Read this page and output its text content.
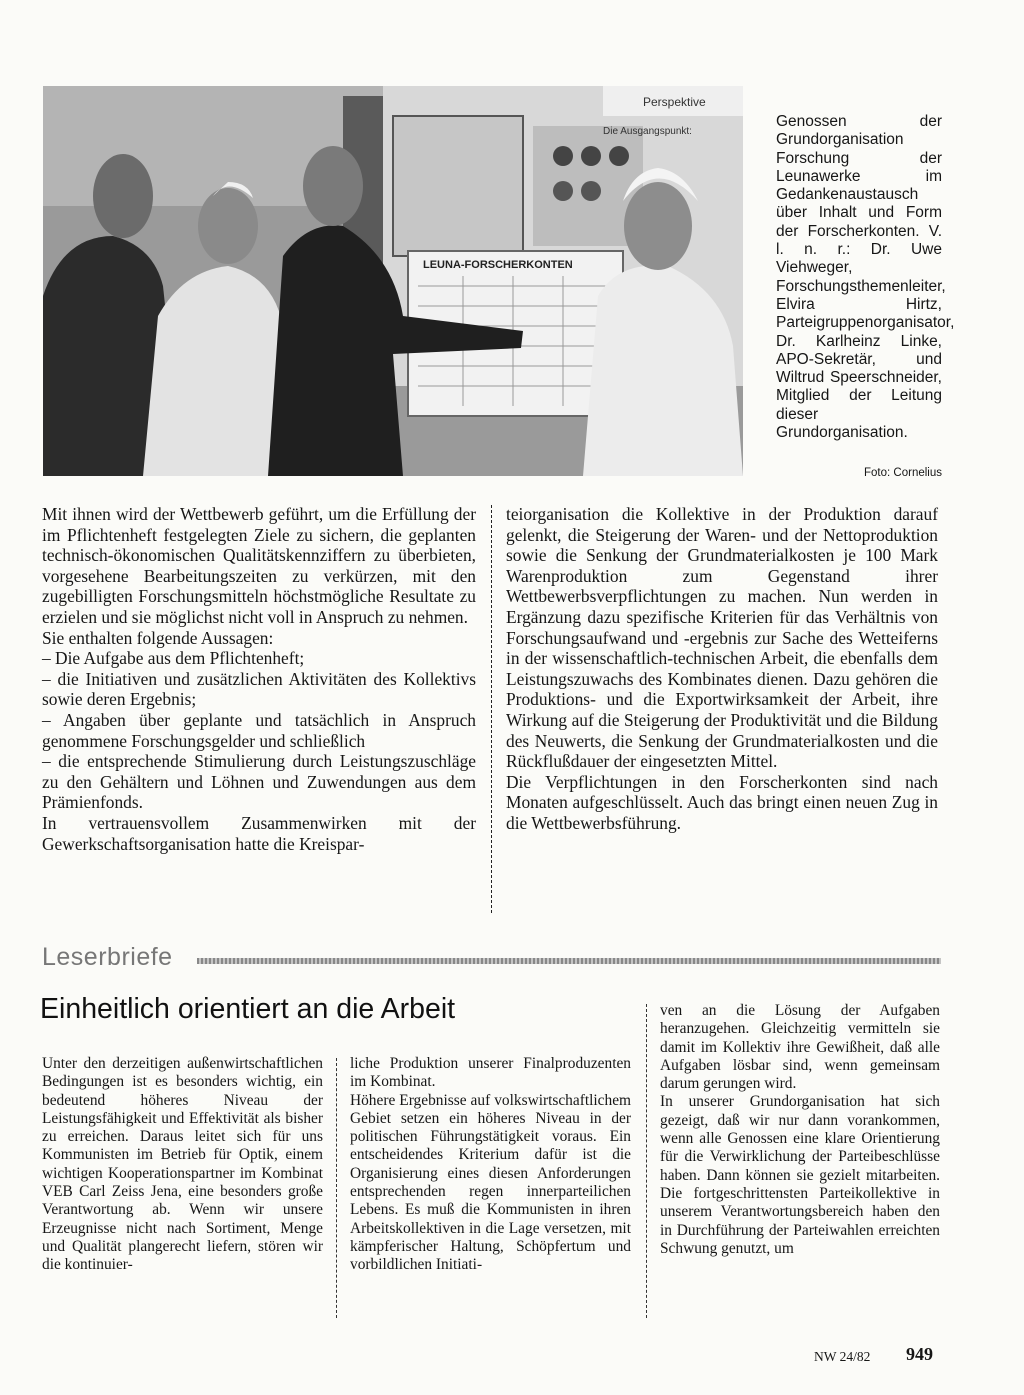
Perspektive
Die Ausgangspunkt:
LEUNA-FORSCHERKONTEN

Genossen der Grundorganisation Forschung der Leunawerke im Gedankenaustausch über Inhalt und Form der Forscherkonten. V. l. n. r.: Dr. Uwe Viehweger, Forschungsthemenleiter, Elvira Hirtz, Parteigruppenorganisator, Dr. Karlheinz Linke, APO-Sekretär, und Wiltrud Speerschneider, Mitglied der Leitung dieser Grundorganisation.

Foto: Cornelius

Mit ihnen wird der Wettbewerb geführt, um die Erfüllung der im Pflichtenheft festgelegten Ziele zu sichern, die geplanten technisch-ökonomischen Qualitätskennziffern zu überbieten, vorgesehene Bearbeitungszeiten zu verkürzen, mit den zugebilligten Forschungsmitteln höchstmögliche Resultate zu erzielen und sie möglichst nicht voll in Anspruch zu nehmen.

Sie enthalten folgende Aussagen:

– Die Aufgabe aus dem Pflichtenheft;

– die Initiativen und zusätzlichen Aktivitäten des Kollektivs sowie deren Ergebnis;

– Angaben über geplante und tatsächlich in Anspruch genommene Forschungsgelder und schließlich

– die entsprechende Stimulierung durch Leistungszuschläge zu den Gehältern und Löhnen und Zuwendungen aus dem Prämienfonds.

In vertrauensvollem Zusammenwirken mit der Gewerkschaftsorganisation hatte die Kreispar-

teiorganisation die Kollektive in der Produktion darauf gelenkt, die Steigerung der Waren- und der Nettoproduktion sowie die Senkung der Grundmaterialkosten je 100 Mark Warenproduktion zum Gegenstand ihrer Wettbewerbsverpflichtungen zu machen. Nun werden in Ergänzung dazu spezifische Kriterien für das Verhältnis von Forschungsaufwand und -ergebnis zur Sache des Wetteiferns in der wissenschaftlich-technischen Arbeit, die ebenfalls dem Leistungszuwachs des Kombinates dienen. Dazu gehören die Produktions- und die Exportwirksamkeit der Arbeit, ihre Wirkung auf die Steigerung der Produktivität und die Bildung des Neuwerts, die Senkung der Grundmaterialkosten und die Rückflußdauer der eingesetzten Mittel.

Die Verpflichtungen in den Forscherkonten sind nach Monaten aufgeschlüsselt. Auch das bringt einen neuen Zug in die Wettbewerbsführung.

Leserbriefe
Einheitlich orientiert an die Arbeit

Unter den derzeitigen außenwirtschaftlichen Bedingungen ist es besonders wichtig, ein bedeutend höheres Niveau der Leistungsfähigkeit und Effektivität als bisher zu erreichen. Daraus leitet sich für uns Kommunisten im Betrieb für Optik, einem wichtigen Kooperationspartner im Kombinat VEB Carl Zeiss Jena, eine besonders große Verantwortung ab. Wenn wir unsere Erzeugnisse nicht nach Sortiment, Menge und Qualität plangerecht liefern, stören wir die kontinuier-

liche Produktion unserer Finalproduzenten im Kombinat.

Höhere Ergebnisse auf volkswirtschaftlichem Gebiet setzen ein höheres Niveau in der politischen Führungstätigkeit voraus. Ein entscheidendes Kriterium dafür ist die Organisierung eines diesen Anforderungen entsprechenden regen innerparteilichen Lebens. Es muß die Kommunisten in ihren Arbeitskollektiven in die Lage versetzen, mit kämpferischer Haltung, Schöpfertum und vorbildlichen Initiati-

ven an die Lösung der Aufgaben heranzugehen. Gleichzeitig vermitteln sie damit im Kollektiv ihre Gewißheit, daß alle Aufgaben lösbar sind, wenn gemeinsam darum gerungen wird.

In unserer Grundorganisation hat sich gezeigt, daß wir nur dann vorankommen, wenn alle Genossen eine klare Orientierung für die Verwirklichung der Parteibeschlüsse haben. Dann können sie gezielt mitarbeiten. Die fortgeschrittensten Parteikollektive in unserem Verantwortungsbereich haben den in Durchführung der Parteiwahlen erreichten Schwung genutzt, um

NW 24/82 949
